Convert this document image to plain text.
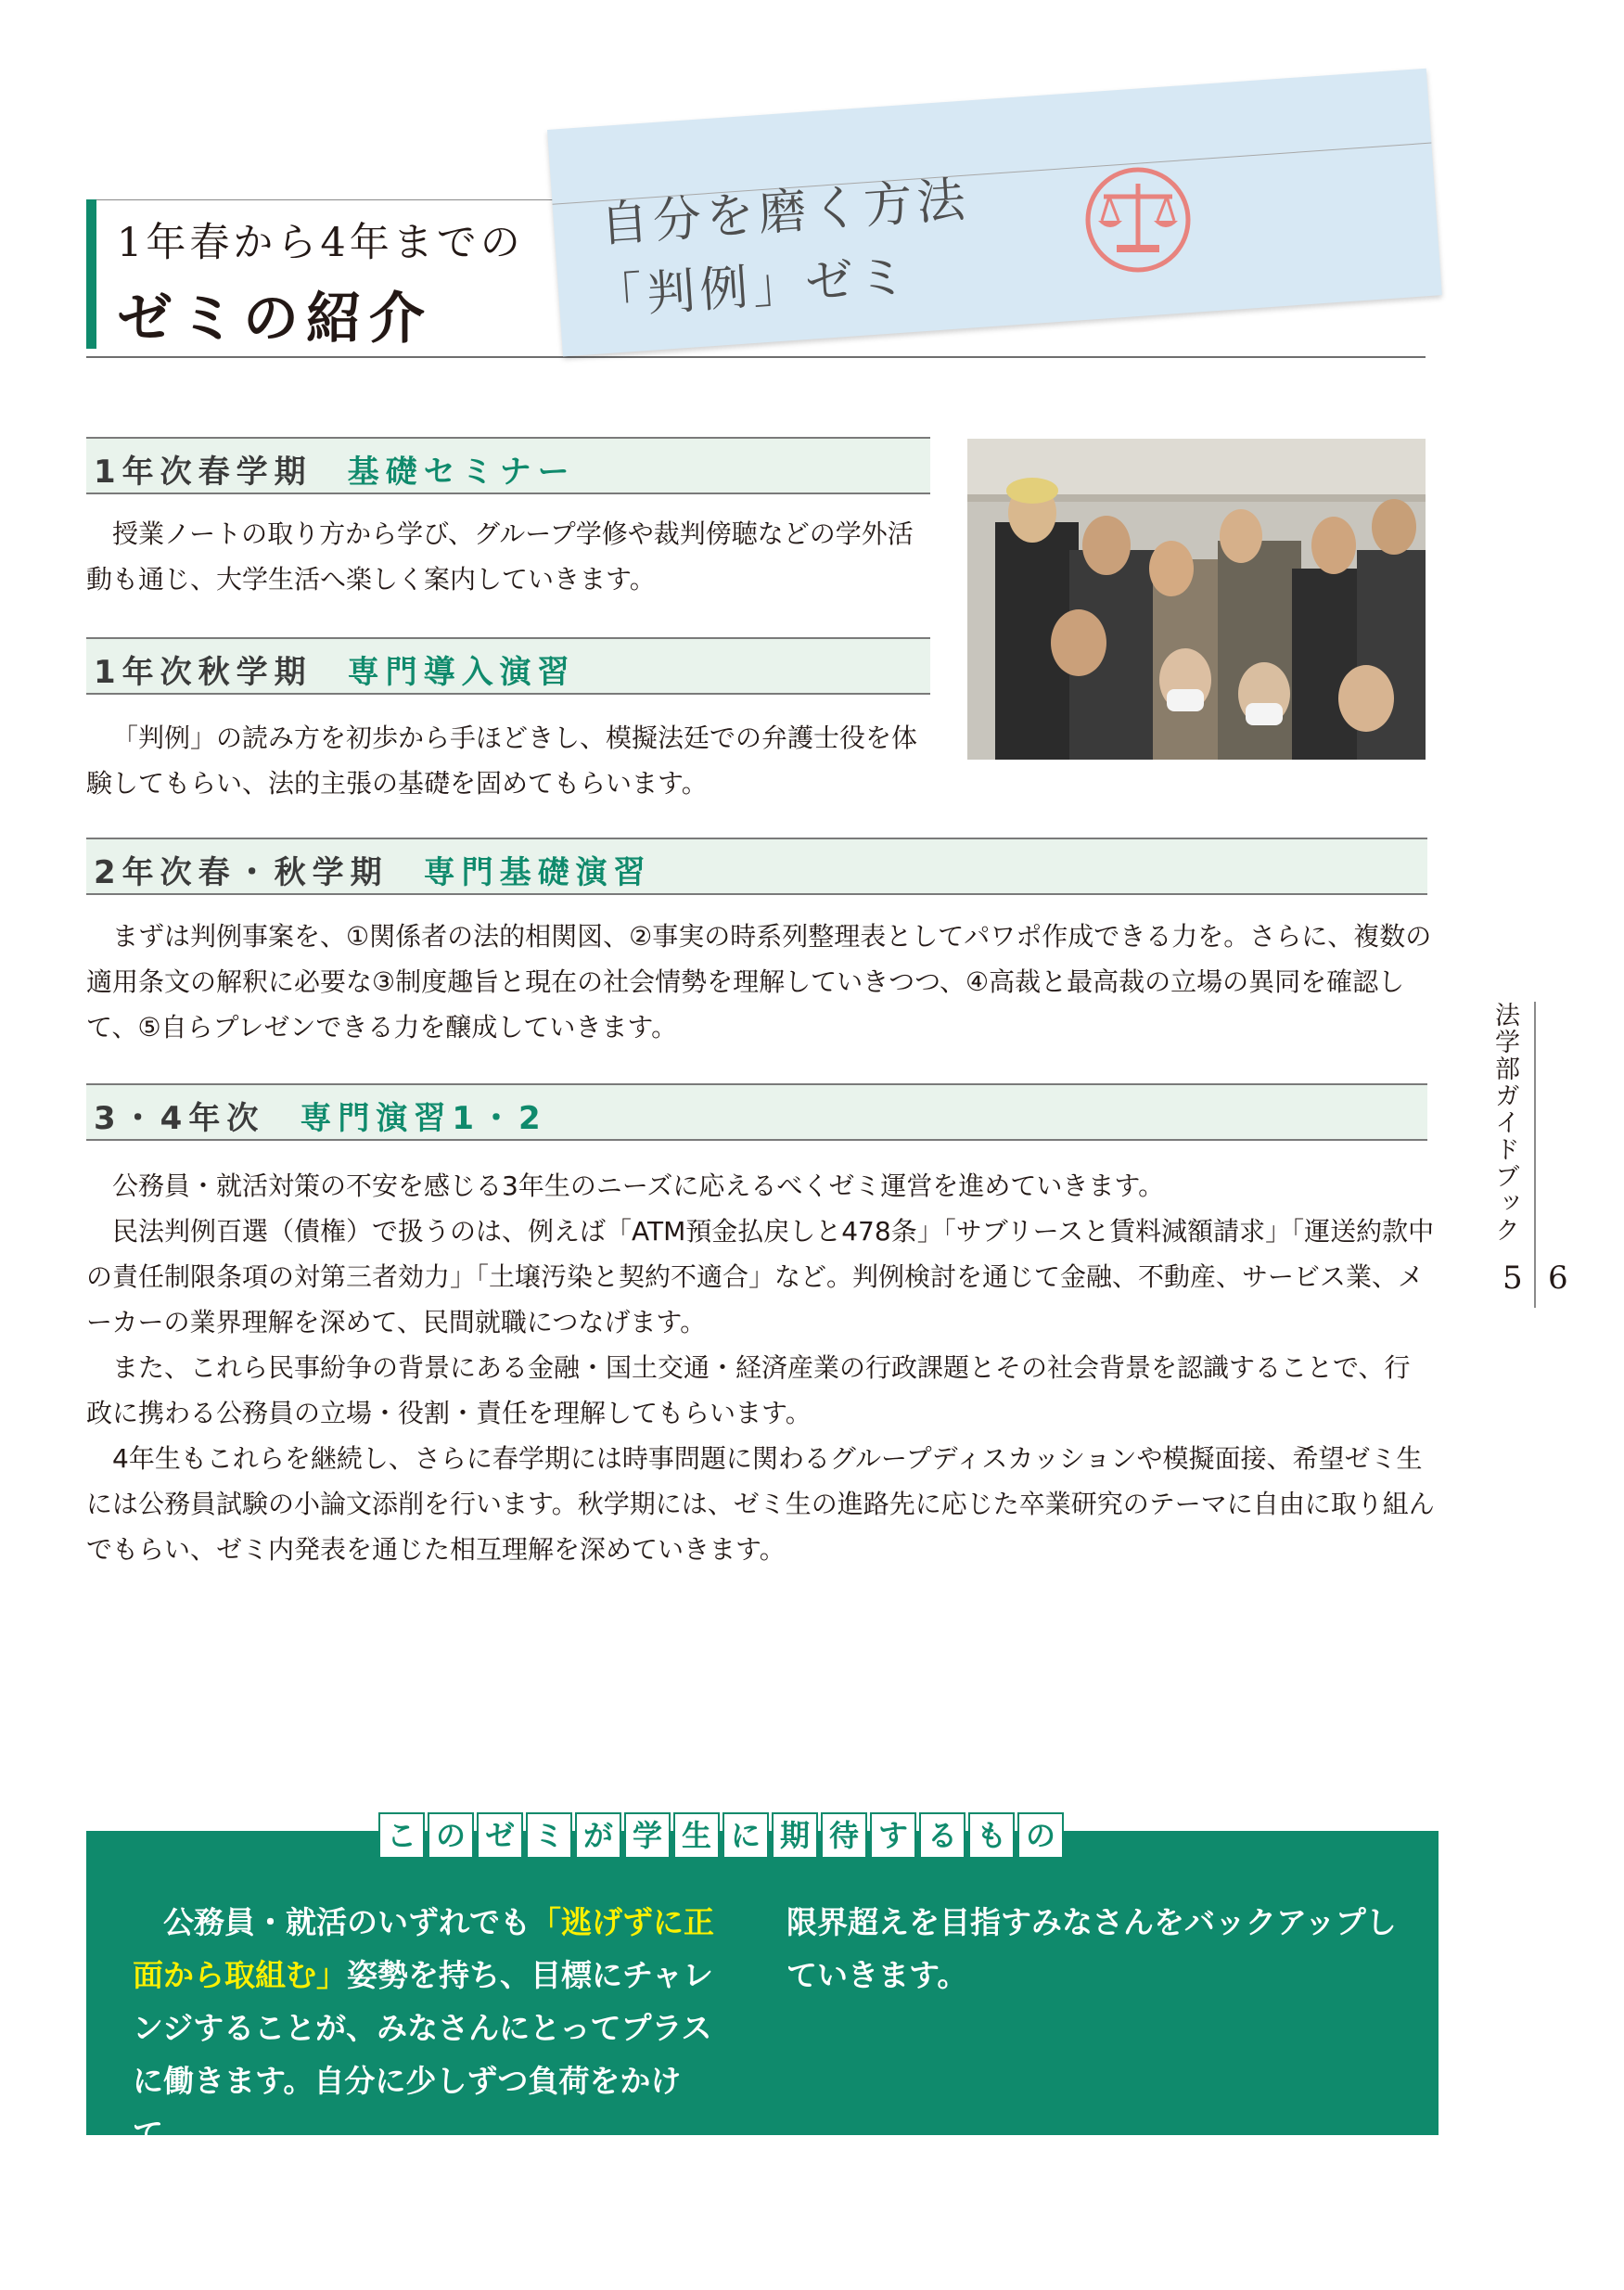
1年春から4年までの
ゼミの紹介
自分を磨く方法
「判例」ゼミ
1年次春学期 基礎セミナー

授業ノートの取り方から学び、グループ学修や裁判傍聴などの学外活動も通じ、大学生活へ楽しく案内していきます。

1年次秋学期 専門導入演習

「判例」の読み方を初歩から手ほどきし、模擬法廷での弁護士役を体験してもらい、法的主張の基礎を固めてもらいます。

2年次春・秋学期 専門基礎演習

まずは判例事案を、①関係者の法的相関図、②事実の時系列整理表としてパワポ作成できる力を。さらに、複数の適用条文の解釈に必要な③制度趣旨と現在の社会情勢を理解していきつつ、④高裁と最高裁の立場の異同を確認して、⑤自らプレゼンできる力を醸成していきます。

3・4年次 専門演習1・2

公務員・就活対策の不安を感じる3年生のニーズに応えるべくゼミ運営を進めていきます。

民法判例百選（債権）で扱うのは、例えば「ATM預金払戻しと478条」「サブリースと賃料減額請求」「運送約款中の責任制限条項の対第三者効力」「土壌汚染と契約不適合」など。判例検討を通じて金融、不動産、サービス業、メーカーの業界理解を深めて、民間就職につなげます。

また、これら民事紛争の背景にある金融・国土交通・経済産業の行政課題とその社会背景を認識することで、行政に携わる公務員の立場・役割・責任を理解してもらいます。

4年生もこれらを継続し、さらに春学期には時事問題に関わるグループディスカッションや模擬面接、希望ゼミ生には公務員試験の小論文添削を行います。秋学期には、ゼミ生の進路先に応じた卒業研究のテーマに自由に取り組んでもらい、ゼミ内発表を通じた相互理解を深めていきます。

法学部ガイドブック
5 6

公務員・就活のいずれでも「逃げずに正面から取組む」姿勢を持ち、目標にチャレンジすることが、みなさんにとってプラスに働きます。自分に少しずつ負荷をかけて、

限界超えを目指すみなさんをバックアップしていきます。

こ の ゼ ミ が 学 生 に 期 待 す る も の
